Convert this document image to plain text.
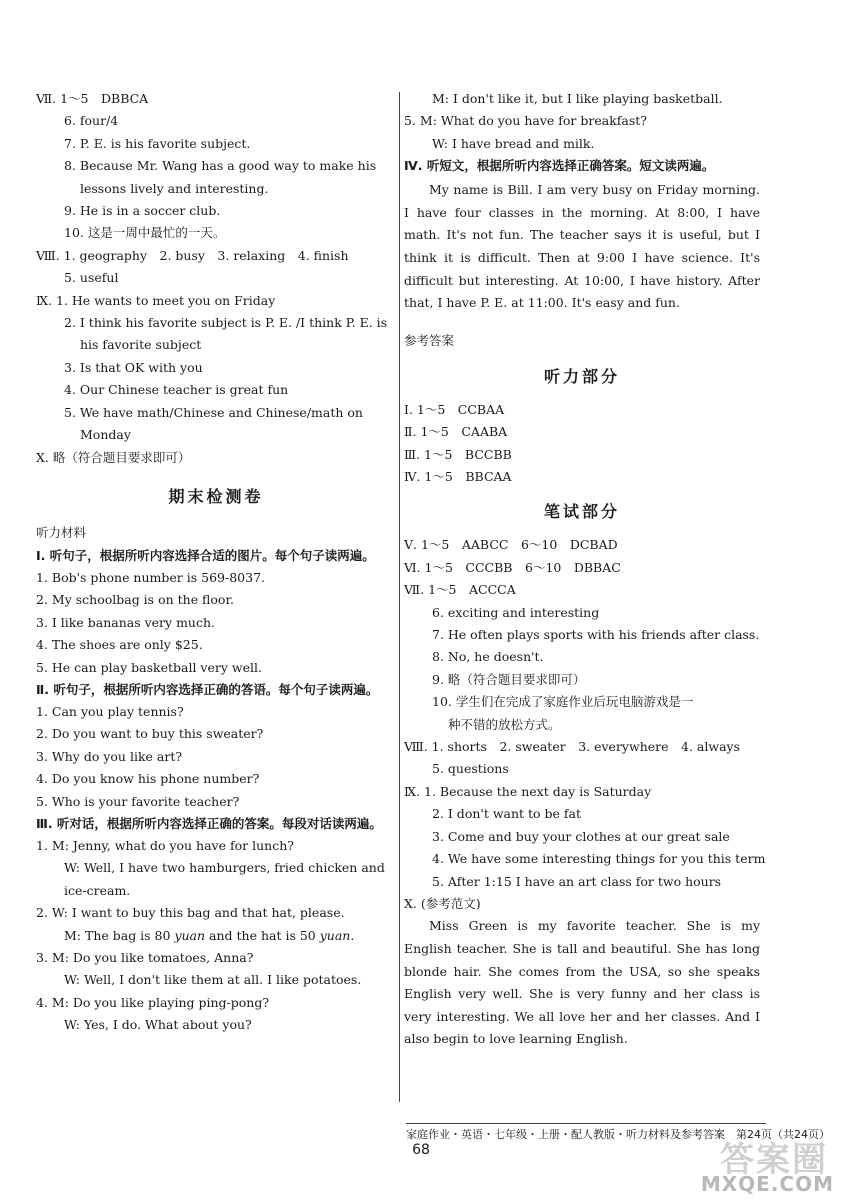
Ⅶ. 1～5　DBBCA
6. four/4
7. P. E. is his favorite subject.
8. Because Mr. Wang has a good way to make his
lessons lively and interesting.
9. He is in a soccer club.
10. 这是一周中最忙的一天。
Ⅷ. 1. geography　2. busy　3. relaxing　4. finish
5. useful
Ⅸ. 1. He wants to meet you on Friday
2. I think his favorite subject is P. E. /I think P. E. is
his favorite subject
3. Is that OK with you
4. Our Chinese teacher is great fun
5. We have math/Chinese and Chinese/math on
Monday
Ⅹ. 略（符合题目要求即可）
期末检测卷
听力材料
Ⅰ. 听句子，根据所听内容选择合适的图片。每个句子读两遍。
1. Bob's phone number is 569-8037.
2. My schoolbag is on the floor.
3. I like bananas very much.
4. The shoes are only $25.
5. He can play basketball very well.
Ⅱ. 听句子，根据所听内容选择正确的答语。每个句子读两遍。
1. Can you play tennis?
2. Do you want to buy this sweater?
3. Why do you like art?
4. Do you know his phone number?
5. Who is your favorite teacher?
Ⅲ. 听对话，根据所听内容选择正确的答案。每段对话读两遍。
1. M: Jenny, what do you have for lunch?
W: Well, I have two hamburgers, fried chicken and
ice-cream.
2. W: I want to buy this bag and that hat, please.
M: The bag is 80 yuan and the hat is 50 yuan.
3. M: Do you like tomatoes, Anna?
W: Well, I don't like them at all. I like potatoes.
4. M: Do you like playing ping-pong?
W: Yes, I do. What about you?
M: I don't like it, but I like playing basketball.
5. M: What do you have for breakfast?
W: I have bread and milk.
Ⅳ. 听短文，根据所听内容选择正确答案。短文读两遍。
My name is Bill. I am very busy on Friday morning. I have four classes in the morning. At 8:00, I have math. It's not fun. The teacher says it is useful, but I think it is difficult. Then at 9:00 I have science. It's difficult but interesting. At 10:00, I have history. After that, I have P. E. at 11:00. It's easy and fun.
参考答案
听力部分
Ⅰ. 1～5　CCBAA
Ⅱ. 1～5　CAABA
Ⅲ. 1～5　BCCBB
Ⅳ. 1～5　BBCAA
笔试部分
Ⅴ. 1～5　AABCC　6～10　DCBAD
Ⅵ. 1～5　CCCBB　6～10　DBBAC
Ⅶ. 1～5　ACCCA
6. exciting and interesting
7. He often plays sports with his friends after class.
8. No, he doesn't.
9. 略（符合题目要求即可）
10. 学生们在完成了家庭作业后玩电脑游戏是一
种不错的放松方式。
Ⅷ. 1. shorts　2. sweater　3. everywhere　4. always
5. questions
Ⅸ. 1. Because the next day is Saturday
2. I don't want to be fat
3. Come and buy your clothes at our great sale
4. We have some interesting things for you this term
5. After 1:15 I have an art class for two hours
Ⅹ. (参考范文)
Miss Green is my favorite teacher. She is my English teacher. She is tall and beautiful. She has long blonde hair. She comes from the USA, so she speaks English very well. She is very funny and her class is very interesting. We all love her and her classes. And I also begin to love learning English.
家庭作业・英语・七年级・上册・配人教版・听力材料及参考答案　第24页（共24页）
68	答案圈
MXQE.COM
